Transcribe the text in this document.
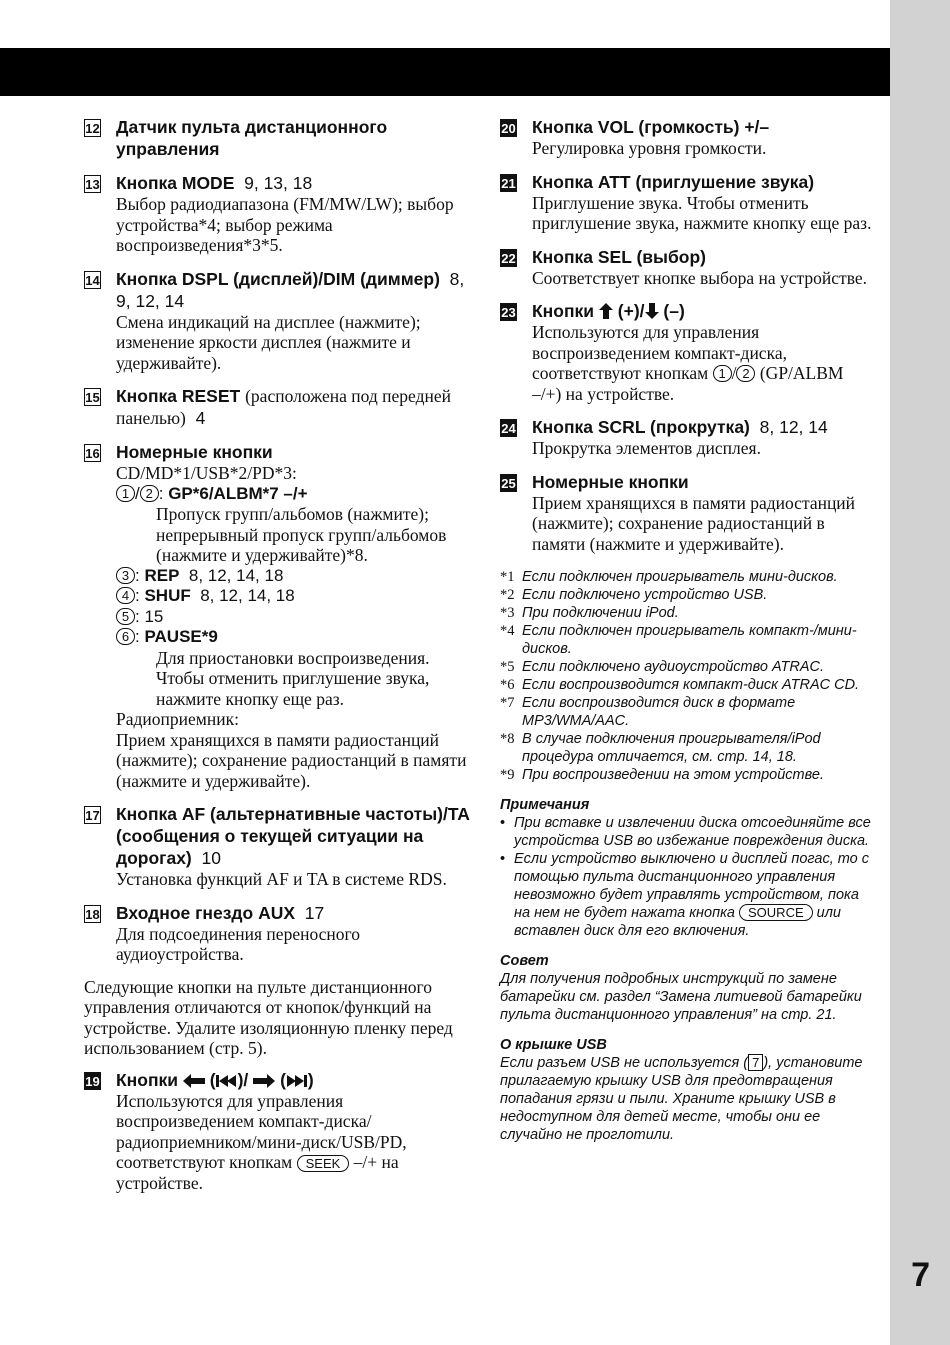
7
12 Датчик пульта дистанционного управления
13 Кнопка MODE 9, 13, 18
Выбор радиодиапазона (FM/MW/LW); выбор устройства*4; выбор режима воспроизведения*3*5.
14 Кнопка DSPL (дисплей)/DIM (диммер) 8, 9, 12, 14
Смена индикаций на дисплее (нажмите); изменение яркости дисплея (нажмите и удерживайте).
15 Кнопка RESET (расположена под передней панелью) 4
16 Номерные кнопки
CD/MD*1/USB*2/PD*3:
1 / 2 : GP*6/ALBM*7 –/+
Пропуск групп/альбомов (нажмите); непрерывный пропуск групп/альбомов (нажмите и удерживайте)*8.
3 : REP 8, 12, 14, 18
4 : SHUF 8, 12, 14, 18
5 : 15
6 : PAUSE*9
Для приостановки воспроизведения. Чтобы отменить приглушение звука, нажмите кнопку еще раз.
Радиоприемник:
Прием хранящихся в памяти радиостанций (нажмите); сохранение радиостанций в памяти (нажмите и удерживайте).
17 Кнопка AF (альтернативные частоты)/TA (сообщения о текущей ситуации на дорогах) 10
Установка функций AF и TA в системе RDS.
18 Входное гнездо AUX 17
Для подсоединения переносного аудиоустройства.
Следующие кнопки на пульте дистанционного управления отличаются от кнопок/функций на устройстве. Удалите изоляционную пленку перед использованием (стр. 5).
19 Кнопки ( )/ ( )
Используются для управления воспроизведением компакт-диска/радиоприемником/мини-диск/USB/PD, соответствуют кнопкам SEEK –/+ на устройстве.
20 Кнопка VOL (громкость) +/–
Регулировка уровня громкости.
21 Кнопка ATT (приглушение звука)
Приглушение звука. Чтобы отменить приглушение звука, нажмите кнопку еще раз.
22 Кнопка SEL (выбор)
Соответствует кнопке выбора на устройстве.
23 Кнопки (+)/ (–)
Используются для управления воспроизведением компакт-диска, соответствуют кнопкам 1 / 2 (GP/ALBM –/+) на устройстве.
24 Кнопка SCRL (прокрутка) 8, 12, 14
Прокрутка элементов дисплея.
25 Номерные кнопки
Прием хранящихся в памяти радиостанций (нажмите); сохранение радиостанций в памяти (нажмите и удерживайте).
*1 Если подключен проигрыватель мини-дисков.
*2 Если подключено устройство USB.
*3 При подключении iPod.
*4 Если подключен проигрыватель компакт-/мини-дисков.
*5 Если подключено аудиоустройство ATRAC.
*6 Если воспроизводится компакт-диск ATRAC CD.
*7 Если воспроизводится диск в формате MP3/WMA/AAC.
*8 В случае подключения проигрывателя/iPod процедура отличается, см. стр. 14, 18.
*9 При воспроизведении на этом устройстве.
Примечания
• При вставке и извлечении диска отсоединяйте все устройства USB во избежание повреждения диска.
• Если устройство выключено и дисплей погас, то с помощью пульта дистанционного управления невозможно будет управлять устройством, пока на нем не будет нажата кнопка SOURCE или вставлен диск для его включения.
Совет
Для получения подробных инструкций по замене батарейки см. раздел “Замена литиевой батарейки пульта дистанционного управления” на стр. 21.
О крышке USB
Если разъем USB не используется ( 7 ), установите прилагаемую крышку USB для предотвращения попадания грязи и пыли. Храните крышку USB в недоступном для детей месте, чтобы они ее случайно не проглотили.
